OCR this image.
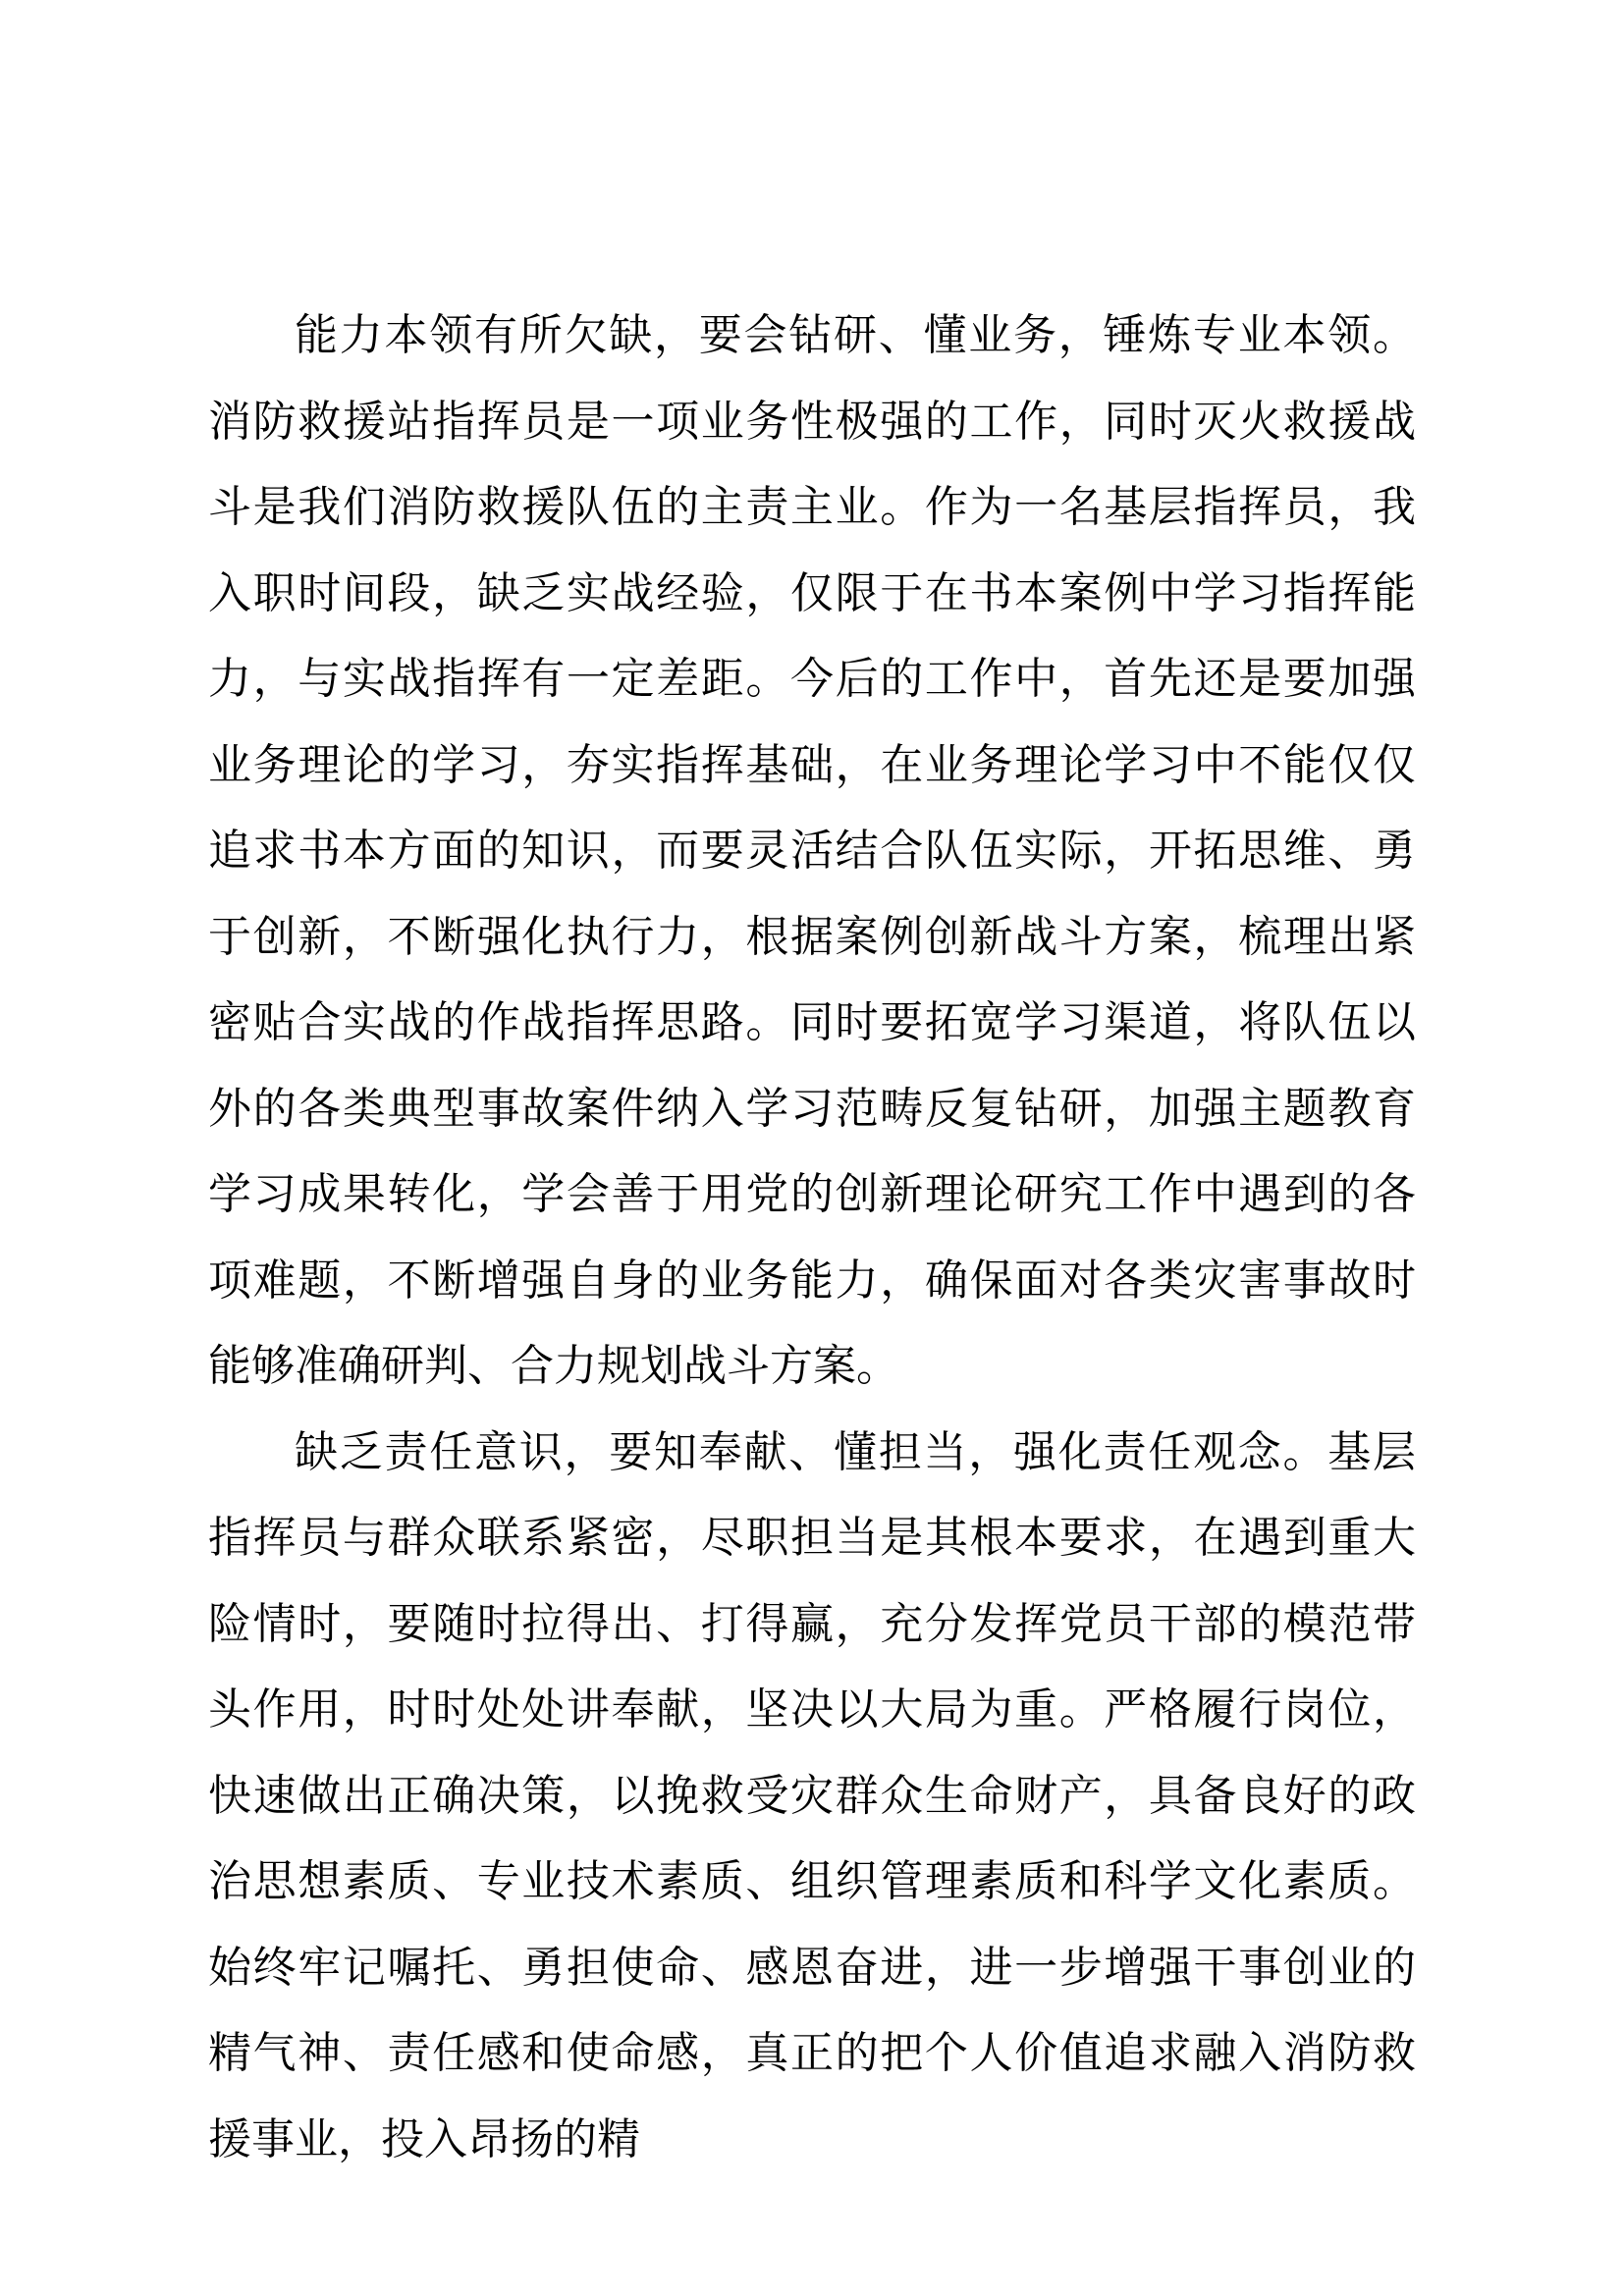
能力本领有所欠缺，要会钻研、懂业务，锤炼专业本领。消防救援站指挥员是一项业务性极强的工作，同时灭火救援战斗是我们消防救援队伍的主责主业。作为一名基层指挥员，我入职时间段，缺乏实战经验，仅限于在书本案例中学习指挥能力，与实战指挥有一定差距。今后的工作中，首先还是要加强业务理论的学习，夯实指挥基础，在业务理论学习中不能仅仅追求书本方面的知识，而要灵活结合队伍实际，开拓思维、勇于创新，不断强化执行力，根据案例创新战斗方案，梳理出紧密贴合实战的作战指挥思路。同时要拓宽学习渠道，将队伍以外的各类典型事故案件纳入学习范畴反复钻研，加强主题教育学习成果转化，学会善于用党的创新理论研究工作中遇到的各项难题，不断增强自身的业务能力，确保面对各类灾害事故时能够准确研判、合力规划战斗方案。

缺乏责任意识，要知奉献、懂担当，强化责任观念。基层指挥员与群众联系紧密，尽职担当是其根本要求，在遇到重大险情时，要随时拉得出、打得赢，充分发挥党员干部的模范带头作用，时时处处讲奉献，坚决以大局为重。严格履行岗位，快速做出正确决策，以挽救受灾群众生命财产，具备良好的政治思想素质、专业技术素质、组织管理素质和科学文化素质。始终牢记嘱托、勇担使命、感恩奋进，进一步增强干事创业的精气神、责任感和使命感，真正的把个人价值追求融入消防救援事业，投入昂扬的精
